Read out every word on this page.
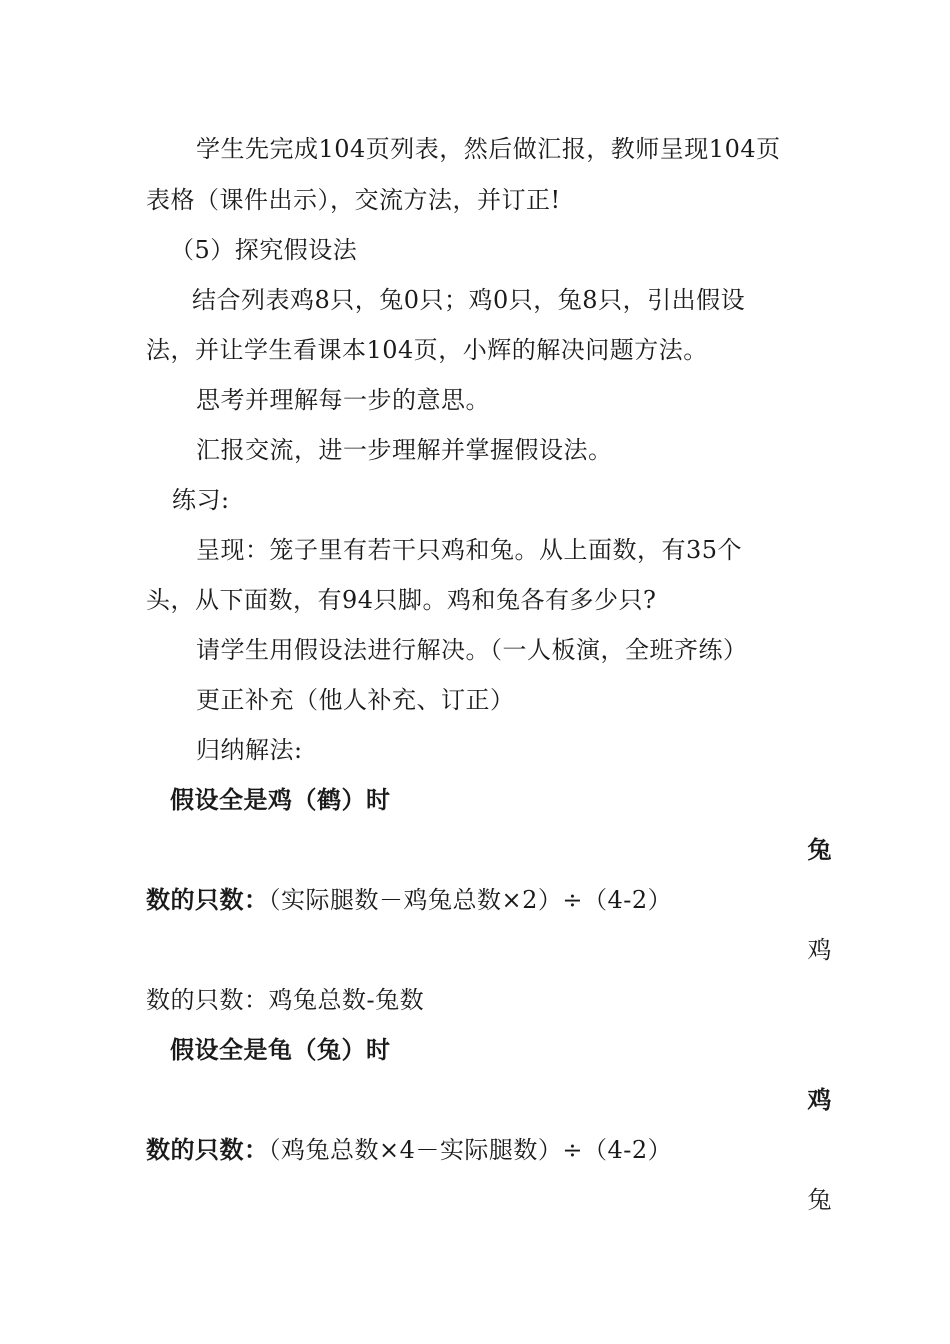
学生先完成104页列表，然后做汇报，教师呈现104页
表格（课件出示），交流方法，并订正!
（5）探究假设法
结合列表鸡8只，兔0只；鸡0只，兔8只，引出假设
法，并让学生看课本104页，小辉的解决问题方法。
思考并理解每一步的意思。
汇报交流，进一步理解并掌握假设法。
练习:
呈现：笼子里有若干只鸡和兔。从上面数，有35个
头，从下面数，有94只脚。鸡和兔各有多少只?
请学生用假设法进行解决。（一人板演，全班齐练）
更正补充（他人补充、订正）
归纳解法:
假设全是鸡（鹤）时
兔
数的只数：（实际腿数－鸡兔总数×2）÷（4-2）
鸡
数的只数：鸡兔总数-兔数
假设全是龟（兔）时
鸡
数的只数：（鸡兔总数×4－实际腿数）÷（4-2）
兔
